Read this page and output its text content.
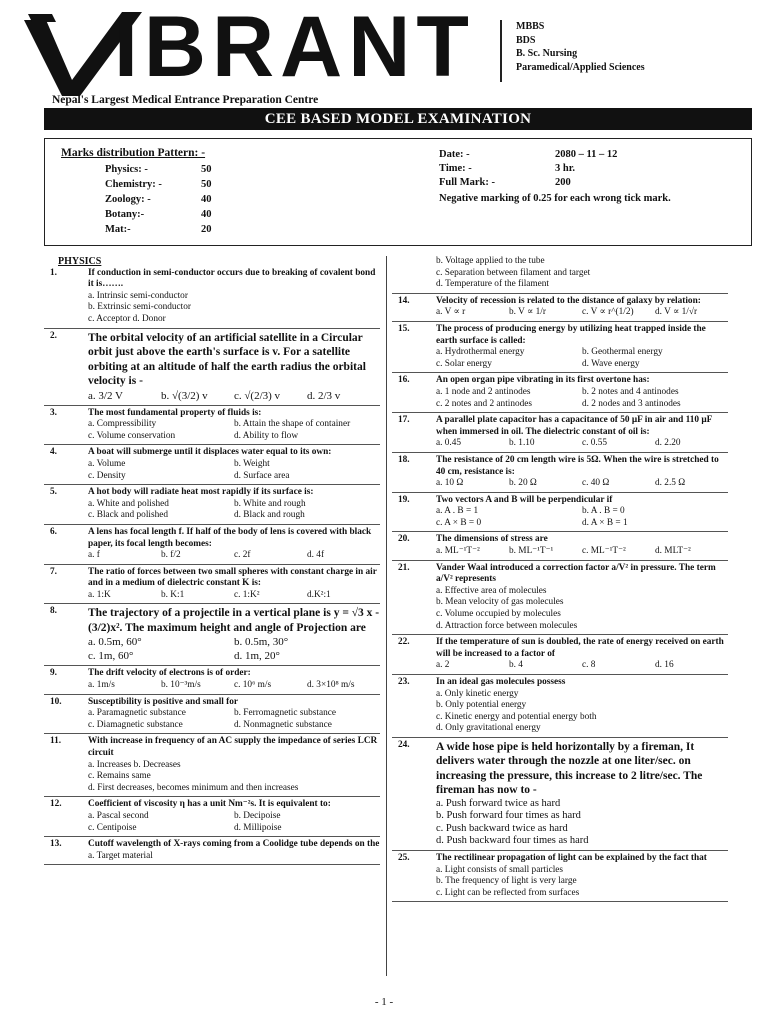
IBRANT	MBBS
BDS
B. Sc. Nursing
Paramedical/Applied Sciences
Nepal's Largest Medical Entrance Preparation Centre
CEE BASED MODEL EXAMINATION
Marks distribution Pattern: -
Physics: -	50
Chemistry: -	50
Zoology: -	40
Botany:-	40
Mat:-	20
Date: -	2080 – 11 – 12
Time: -	3 hr.
Full Mark: -	200
Negative marking of 0.25 for each wrong tick mark.
PHYSICS
1.	If conduction in semi-conductor occurs due to breaking of covalent bond it is…….
a. Intrinsic semi-conductor
b. Extrinsic semi-conductor
c. Acceptor d. Donor
2.	The orbital velocity of an artificial satellite in a Circular orbit just above the earth's surface is v. For a satellite orbiting at an altitude of half the earth radius the orbital velocity is -
a. 3/2 V	b. √(3/2) v	c. √(2/3) v	d. 2/3 v
3.	The most fundamental property of fluids is:
a. Compressibility	b. Attain the shape of container
c. Volume conservation	d. Ability to flow
4.	A boat will submerge until it displaces water equal to its own:
a. Volume	b. Weight
c. Density	d. Surface area
5.	A hot body will radiate heat most rapidly if its surface is:
a. White and polished	b. White and rough
c. Black and polished	d. Black and rough
6.	A lens has focal length f. If half of the body of lens is covered with black paper, its focal length becomes:
a. f	b. f/2	c. 2f	d. 4f
7.	The ratio of forces between two small spheres with constant charge in air and in a medium of dielectric constant K is:
a. 1:K	b. K:1	c. 1:K²	d.K²:1
8.	The trajectory of a projectile in a vertical plane is y = √3 x - (3/2)x². The maximum height and angle of Projection are
a. 0.5m, 60°	b. 0.5m, 30°
c. 1m, 60°	d. 1m, 20°
9.	The drift velocity of electrons is of order:
a. 1m/s	b. 10⁻³m/s	c. 10⁶ m/s	d. 3×10⁸ m/s
10.	Susceptibility is positive and small for
a. Paramagnetic substance	b. Ferromagnetic substance
c. Diamagnetic substance	d. Nonmagnetic substance
11.	With increase in frequency of an AC supply the impedance of series LCR circuit
a. Increases b. Decreases
c. Remains same
d. First decreases, becomes minimum and then increases
12.	Coefficient of viscosity η has a unit Nm⁻²s. It is equivalent to:
a. Pascal second	b. Decipoise
c. Centipoise	d. Millipoise
13.	Cutoff wavelength of X-rays coming from a Coolidge tube depends on the
a. Target material
b. Voltage applied to the tube
c. Separation between filament and target
d. Temperature of the filament
14.	Velocity of recession is related to the distance of galaxy by relation:
a. V ∝ r	b. V ∝ 1/r	c. V ∝ r^(1/2)	d. V ∝ 1/√r
15.	The process of producing energy by utilizing heat trapped inside the earth surface is called:
a. Hydrothermal energy	b. Geothermal energy
c. Solar energy	d. Wave energy
16.	An open organ pipe vibrating in its first overtone has:
a. 1 node and 2 antinodes	b. 2 notes and 4 antinodes
c. 2 notes and 2 antinodes	d. 2 nodes and 3 antinodes
17.	A parallel plate capacitor has a capacitance of 50 μF in air and 110 μF when immersed in oil. The dielectric constant of oil is:
a. 0.45	b. 1.10	c. 0.55	d. 2.20
18.	The resistance of 20 cm length wire is 5Ω. When the wire is stretched to 40 cm, resistance is:
a. 10 Ω	b. 20 Ω	c. 40 Ω	d. 2.5 Ω
19.	Two vectors A and B will be perpendicular if
a. A . B = 1	b. A . B = 0
c. A × B = 0	d. A × B = 1
20.	The dimensions of stress are
a. ML⁻¹T⁻²	b. ML⁻¹T⁻¹	c. ML⁻¹T⁻²	d. MLT⁻²
21.	Vander Waal introduced a correction factor a/V² in pressure. The term a/V² represents
a. Effective area of molecules
b. Mean velocity of gas molecules
c. Volume occupied by molecules
d. Attraction force between molecules
22.	If the temperature of sun is doubled, the rate of energy received on earth will be increased to a factor of
a. 2	b. 4	c. 8	d. 16
23.	In an ideal gas molecules possess
a. Only kinetic energy
b. Only potential energy
c. Kinetic energy and potential energy both
d. Only gravitational energy
24. A wide hose pipe is held horizontally by a fireman, It delivers water through the nozzle at one liter/sec. on increasing the pressure, this increase to 2 litre/sec. The fireman has now to -
a. Push forward twice as hard
b. Push forward four times as hard
c. Push backward twice as hard
d. Push backward four times as hard
25.	The rectilinear propagation of light can be explained by the fact that
a. Light consists of small particles
b. The frequency of light is very large
c. Light can be reflected from surfaces
- 1 -
